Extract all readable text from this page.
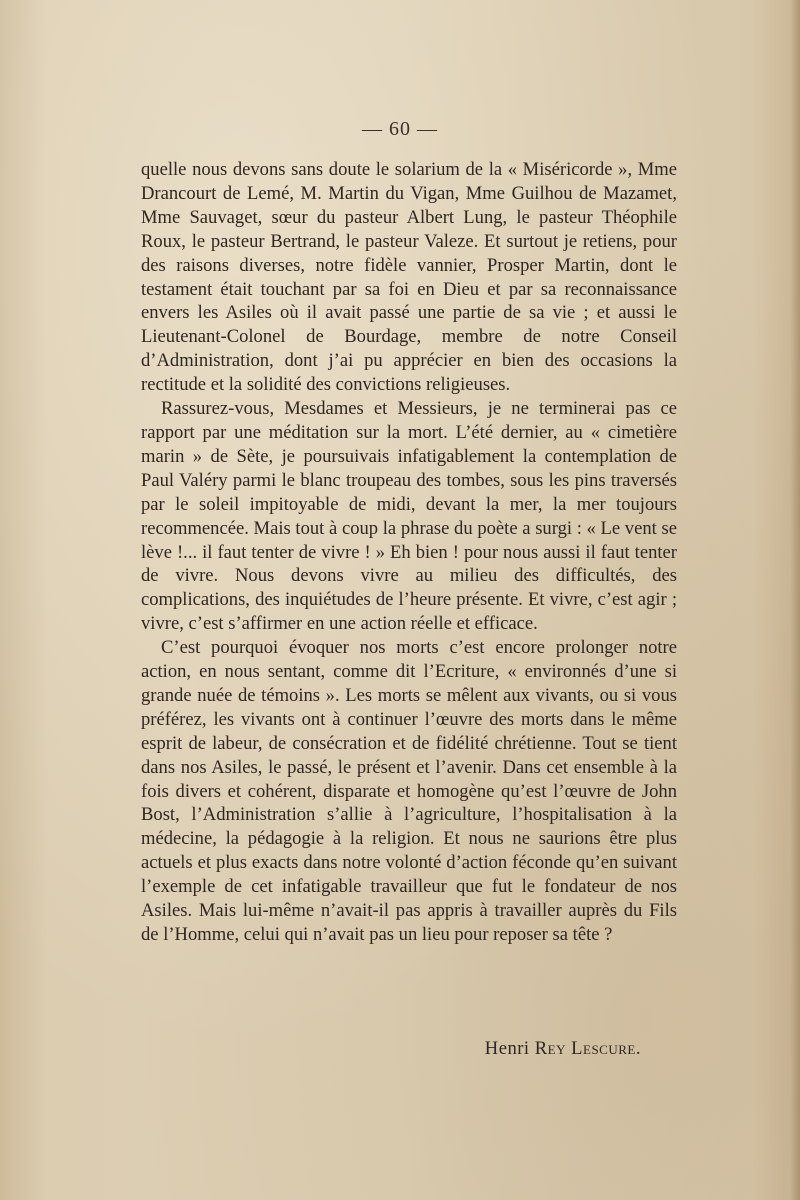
— 60 —

quelle nous devons sans doute le solarium de la « Miséricorde », Mme Drancourt de Lemé, M. Martin du Vigan, Mme Guilhou de Mazamet, Mme Sauvaget, sœur du pasteur Albert Lung, le pasteur Théophile Roux, le pasteur Bertrand, le pasteur Valeze. Et surtout je retiens, pour des raisons diverses, notre fidèle vannier, Prosper Martin, dont le testament était touchant par sa foi en Dieu et par sa reconnaissance envers les Asiles où il avait passé une partie de sa vie ; et aussi le Lieutenant-Colonel de Bourdage, membre de notre Conseil d’Administration, dont j’ai pu apprécier en bien des occasions la rectitude et la solidité des convictions religieuses.

Rassurez-vous, Mesdames et Messieurs, je ne terminerai pas ce rapport par une méditation sur la mort. L’été dernier, au « cimetière marin » de Sète, je poursuivais infatigablement la contemplation de Paul Valéry parmi le blanc troupeau des tombes, sous les pins traversés par le soleil impitoyable de midi, devant la mer, la mer toujours recommencée. Mais tout à coup la phrase du poète a surgi : « Le vent se lève !... il faut tenter de vivre ! » Eh bien ! pour nous aussi il faut tenter de vivre. Nous devons vivre au milieu des difficultés, des complications, des inquiétudes de l’heure présente. Et vivre, c’est agir ; vivre, c’est s’affirmer en une action réelle et efficace.

C’est pourquoi évoquer nos morts c’est encore prolonger notre action, en nous sentant, comme dit l’Ecriture, « environnés d’une si grande nuée de témoins ». Les morts se mêlent aux vivants, ou si vous préférez, les vivants ont à continuer l’œuvre des morts dans le même esprit de labeur, de consécration et de fidélité chrétienne. Tout se tient dans nos Asiles, le passé, le présent et l’avenir. Dans cet ensemble à la fois divers et cohérent, disparate et homogène qu’est l’œuvre de John Bost, l’Administration s’allie à l’agriculture, l’hospitalisation à la médecine, la pédagogie à la religion. Et nous ne saurions être plus actuels et plus exacts dans notre volonté d’action féconde qu’en suivant l’exemple de cet infatigable travailleur que fut le fondateur de nos Asiles. Mais lui-même n’avait-il pas appris à travailler auprès du Fils de l’Homme, celui qui n’avait pas un lieu pour reposer sa tête ?

Henri Rey Lescure.
